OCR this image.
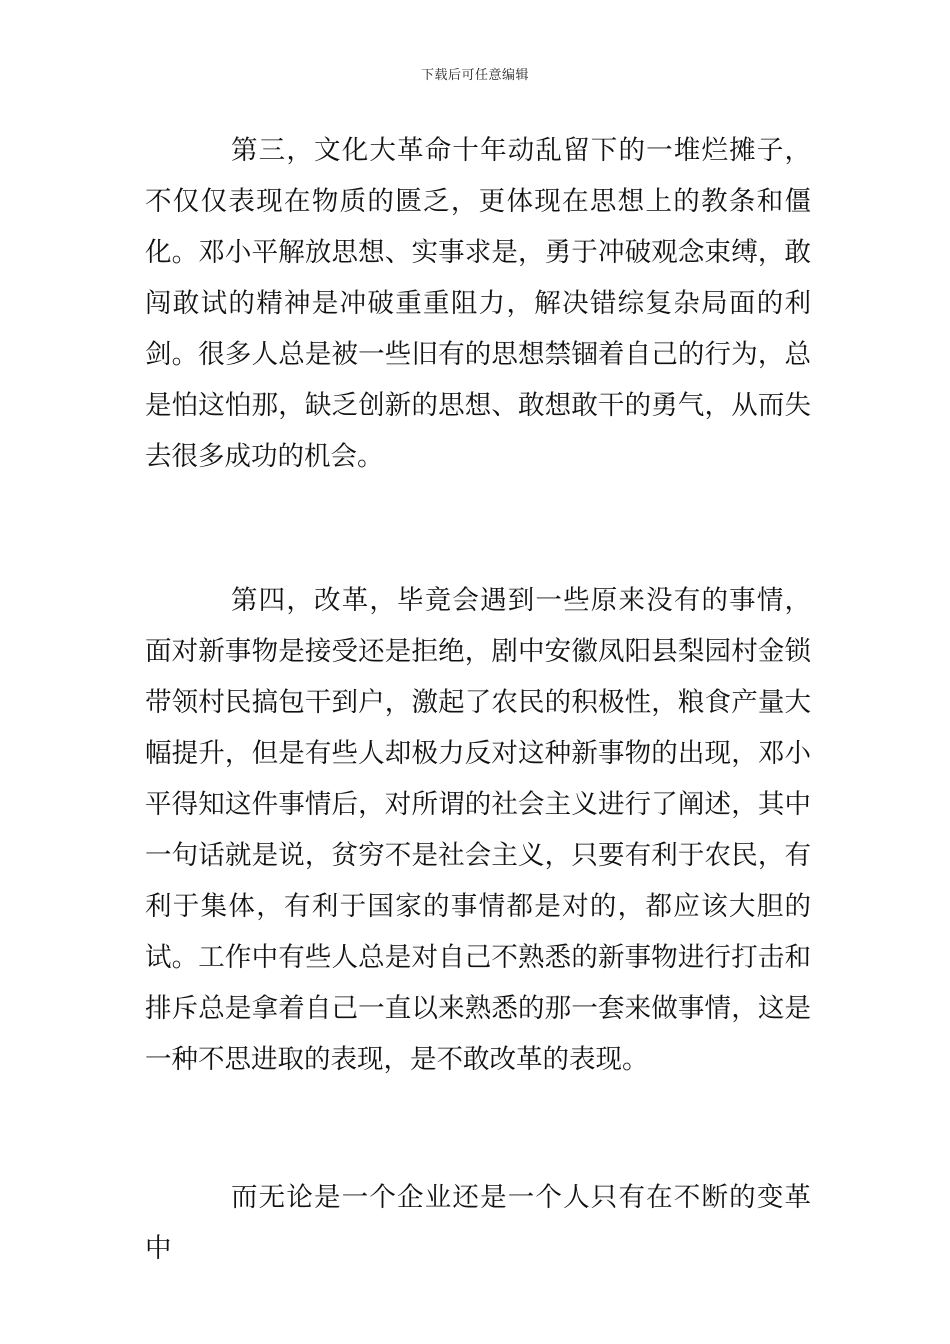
下载后可任意编辑

第三，文化大革命十年动乱留下的一堆烂摊子，不仅仅表现在物质的匮乏，更体现在思想上的教条和僵化。邓小平解放思想、实事求是，勇于冲破观念束缚，敢闯敢试的精神是冲破重重阻力，解决错综复杂局面的利剑。很多人总是被一些旧有的思想禁锢着自己的行为，总是怕这怕那，缺乏创新的思想、敢想敢干的勇气，从而失去很多成功的机会。

第四，改革，毕竟会遇到一些原来没有的事情，面对新事物是接受还是拒绝，剧中安徽凤阳县梨园村金锁带领村民搞包干到户，激起了农民的积极性，粮食产量大幅提升，但是有些人却极力反对这种新事物的出现，邓小平得知这件事情后，对所谓的社会主义进行了阐述，其中一句话就是说，贫穷不是社会主义，只要有利于农民，有利于集体，有利于国家的事情都是对的，都应该大胆的试。工作中有些人总是对自己不熟悉的新事物进行打击和排斥总是拿着自己一直以来熟悉的那一套来做事情，这是一种不思进取的表现，是不敢改革的表现。

而无论是一个企业还是一个人只有在不断的变革中
